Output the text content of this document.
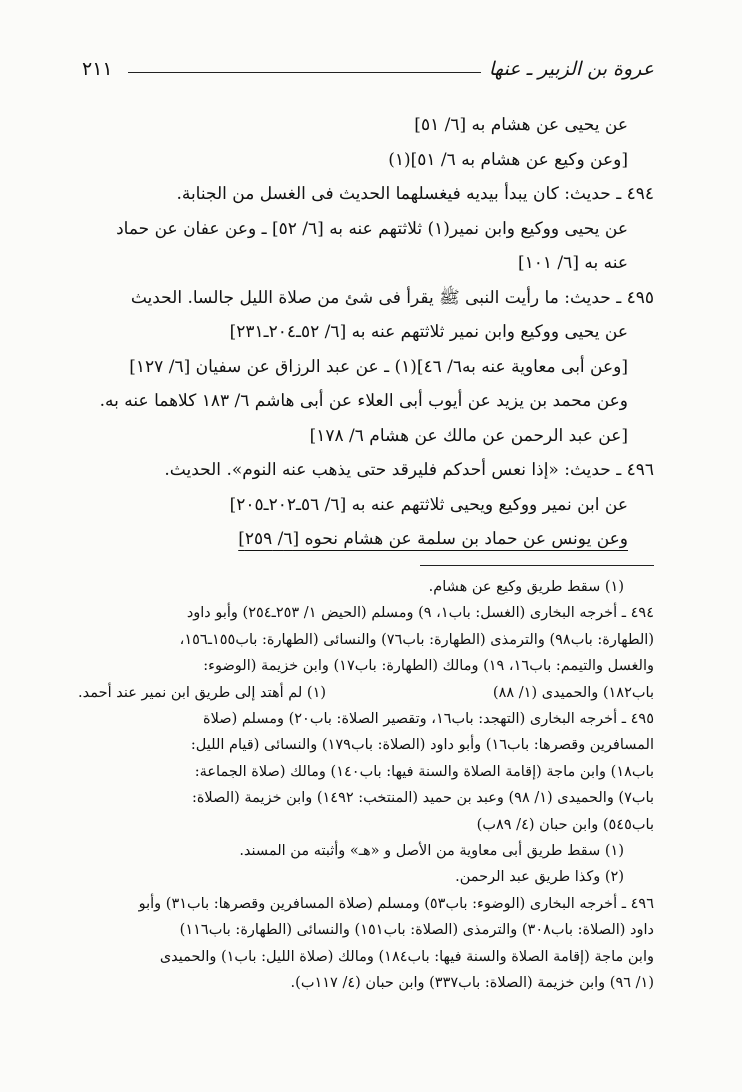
عروة بن الزبير ـ عنها
٢١١

عن يحيى عن هشام به [٦/ ٥١]

[وعن وكيع عن هشام به ٦/ ٥١](١)

٤٩٤ ـ حديث: كان يبدأ بيديه فيغسلهما الحديث فى الغسل من الجنابة.

عن يحيى ووكيع وابن نمير(١) ثلاثتهم عنه به [٦/ ٥٢] ـ وعن عفان عن حماد

عنه به [٦/ ١٠١]

٤٩٥ ـ حديث: ما رأيت النبى ﷺ يقرأ فى شئ من صلاة الليل جالسا. الحديث

عن يحيى ووكيع وابن نمير ثلاثتهم عنه به [٦/ ٥٢ـ٢٠٤ـ٢٣١]

[وعن أبى معاوية عنه به٦/ ٤٦](١) ـ عن عبد الرزاق عن سفيان [٦/ ١٢٧]

وعن محمد بن يزيد عن أيوب أبى العلاء عن أبى هاشم ٦/ ١٨٣ كلاهما عنه به.

[عن عبد الرحمن عن مالك عن هشام ٦/ ١٧٨]

٤٩٦ ـ حديث: «إذا نعس أحدكم فليرقد حتى يذهب عنه النوم». الحديث.

عن ابن نمير ووكيع ويحيى ثلاثتهم عنه به [٦/ ٥٦ـ٢٠٢ـ٢٠٥]

وعن يونس عن حماد بن سلمة عن هشام نحوه [٦/ ٢٥٩]

(١) سقط طريق وكيع عن هشام.

٤٩٤ ـ أخرجه البخارى (الغسل: باب١، ٩) ومسلم (الحيض ١/ ٢٥٣ـ٢٥٤) وأبو داود

(الطهارة: باب٩٨) والترمذى (الطهارة: باب٧٦) والنسائى (الطهارة: باب١٥٥ـ١٥٦،

والغسل والتيمم: باب١٦، ١٩) ومالك (الطهارة: باب١٧) وابن خزيمة (الوضوء:

باب١٨٢) والحميدى (١/ ٨٨)
(١) لم أهتد إلى طريق ابن نمير عند أحمد.

٤٩٥ ـ أخرجه البخارى (التهجد: باب١٦، وتقصير الصلاة: باب٢٠) ومسلم (صلاة

المسافرين وقصرها: باب١٦) وأبو داود (الصلاة: باب١٧٩) والنسائى (قيام الليل:

باب١٨) وابن ماجة (إقامة الصلاة والسنة فيها: باب١٤٠) ومالك (صلاة الجماعة:

باب٧) والحميدى (١/ ٩٨) وعبد بن حميد (المنتخب: ١٤٩٢) وابن خزيمة (الصلاة:

باب٥٤٥) وابن حبان (٤/ ٨٩ب)

(١) سقط طريق أبى معاوية من الأصل و «هـ» وأثبته من المسند.

(٢) وكذا طريق عبد الرحمن.

٤٩٦ ـ أخرجه البخارى (الوضوء: باب٥٣) ومسلم (صلاة المسافرين وقصرها: باب٣١) وأبو

داود (الصلاة: باب٣٠٨) والترمذى (الصلاة: باب١٥١) والنسائى (الطهارة: باب١١٦)

وابن ماجة (إقامة الصلاة والسنة فيها: باب١٨٤) ومالك (صلاة الليل: باب١) والحميدى

(١/ ٩٦) وابن خزيمة (الصلاة: باب٣٣٧) وابن حبان (٤/ ١١٧ب).
